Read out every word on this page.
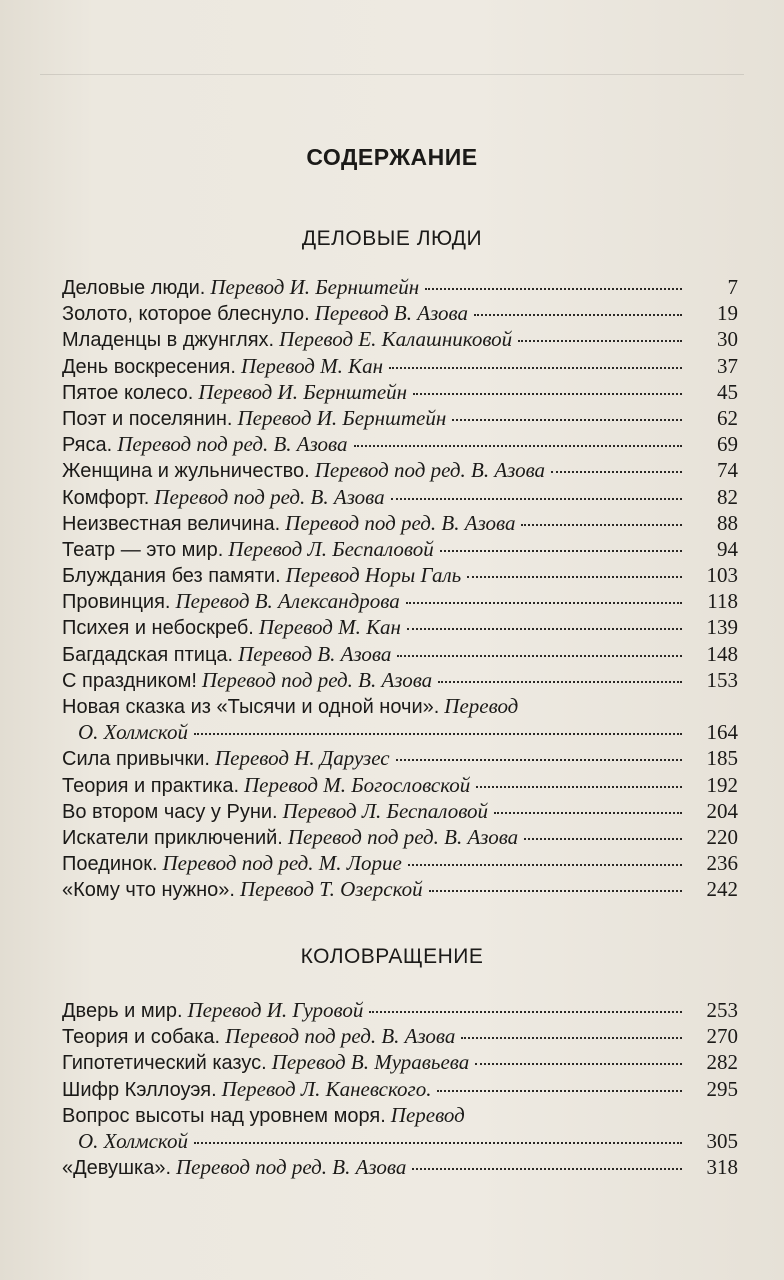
СОДЕРЖАНИЕ
ДЕЛОВЫЕ ЛЮДИ
Деловые люди. Перевод И. Бернштейн	7
Золото, которое блеснуло. Перевод В. Азова	19
Младенцы в джунглях. Перевод Е. Калашниковой	30
День воскресения. Перевод М. Кан	37
Пятое колесо. Перевод И. Бернштейн	45
Поэт и поселянин. Перевод И. Бернштейн	62
Ряса. Перевод под ред. В. Азова	69
Женщина и жульничество. Перевод под ред. В. Азова	74
Комфорт. Перевод под ред. В. Азова	82
Неизвестная величина. Перевод под ред. В. Азова	88
Театр — это мир. Перевод Л. Беспаловой	94
Блуждания без памяти. Перевод Норы Галь	103
Провинция. Перевод В. Александрова	118
Психея и небоскреб. Перевод М. Кан	139
Багдадская птица. Перевод В. Азова	148
С праздником! Перевод под ред. В. Азова	153
Новая сказка из «Тысячи и одной ночи». Перевод
О. Холмской	164
Сила привычки. Перевод Н. Дарузес	185
Теория и практика. Перевод М. Богословской	192
Во втором часу у Руни. Перевод Л. Беспаловой	204
Искатели приключений. Перевод под ред. В. Азова	220
Поединок. Перевод под ред. М. Лорие	236
«Кому что нужно». Перевод Т. Озерской	242
КОЛОВРАЩЕНИЕ
Дверь и мир. Перевод И. Гуровой	253
Теория и собака. Перевод под ред. В. Азова	270
Гипотетический казус. Перевод В. Муравьева	282
Шифр Кэллоуэя. Перевод Л. Каневского.	295
Вопрос высоты над уровнем моря. Перевод
О. Холмской	305
«Девушка». Перевод под ред. В. Азова	318
